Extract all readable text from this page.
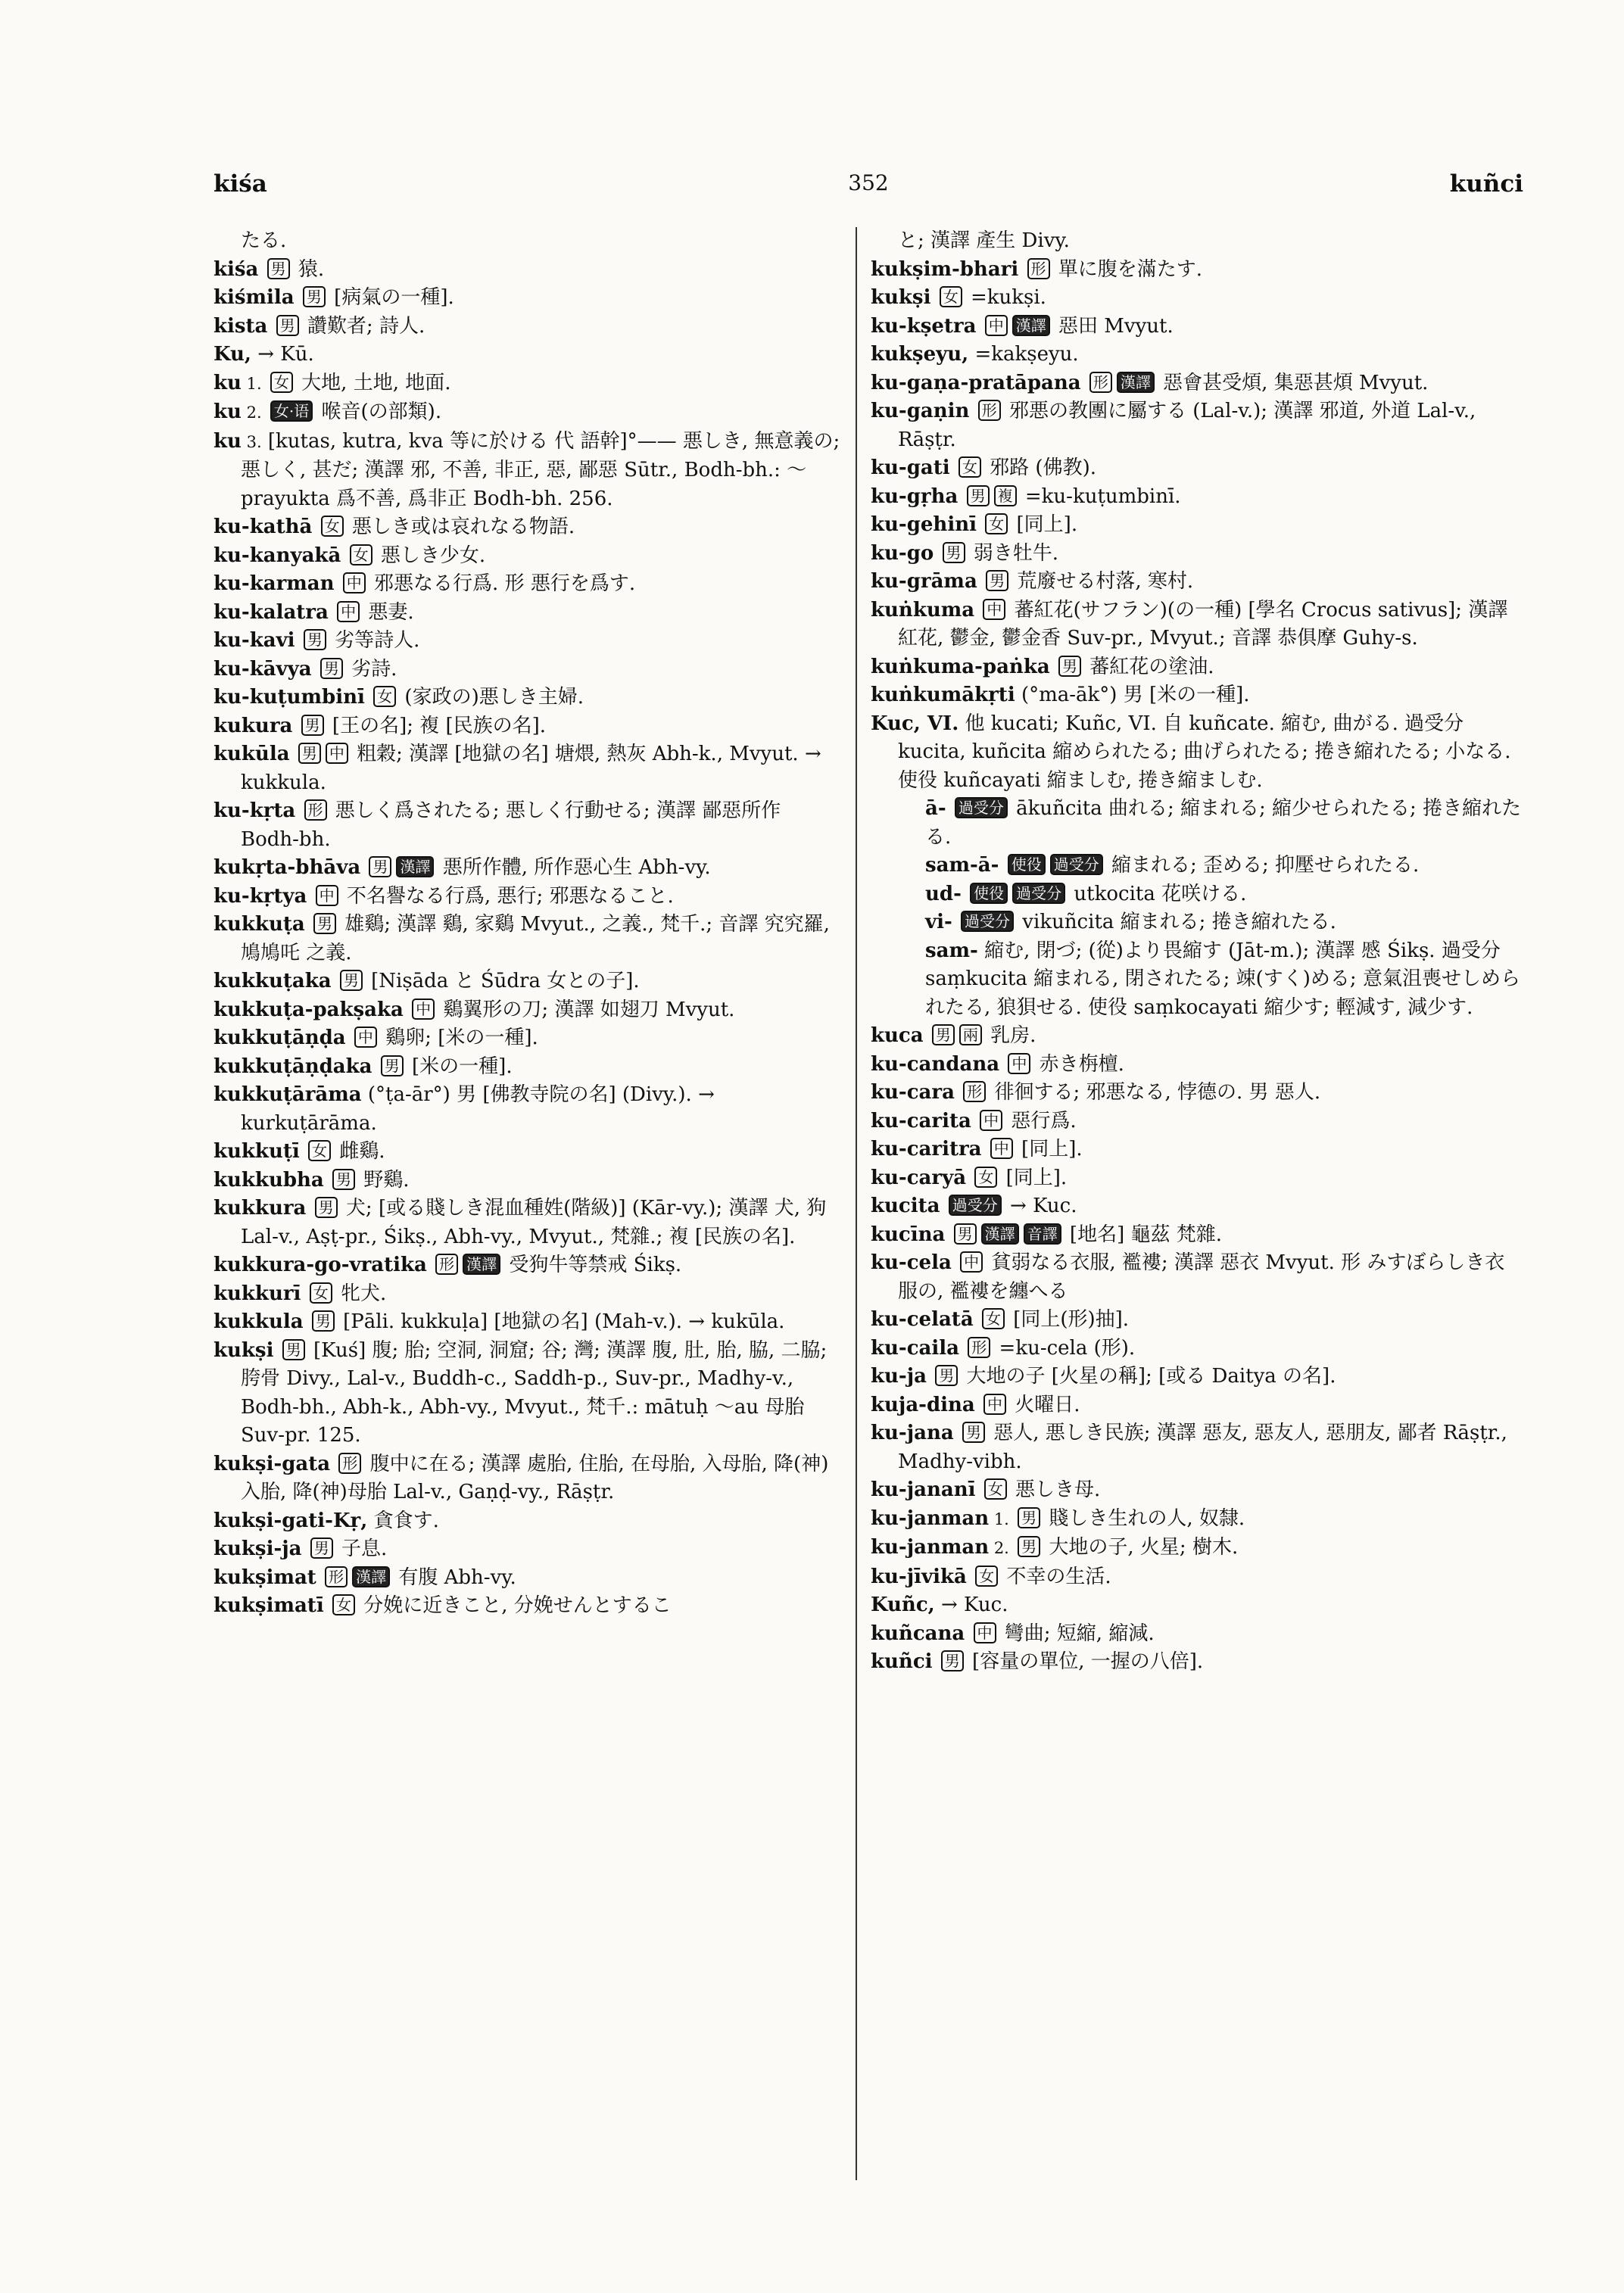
kiśa	352	kuñci
たる.
kiśa 男 猿.
kiśmila 男 [病氣の一種].
kista 男 讚歎者; 詩人.
Ku, → Kū.
ku 1. 女 大地, 土地, 地面.
ku 2. 女·语 喉音(の部類).
ku 3. [kutas, kutra, kva 等に於ける 代 語幹]°—— 悪しき, 無意義の; 悪しく, 甚だ; 漢譯 邪, 不善, 非正, 惡, 鄙惡 Sūtr., Bodh-bh.: 〜prayukta 爲不善, 爲非正 Bodh-bh. 256.
ku-kathā 女 悪しき或は哀れなる物語.
ku-kanyakā 女 悪しき少女.
ku-karman 中 邪悪なる行爲. 形 悪行を爲す.
ku-kalatra 中 悪妻.
ku-kavi 男 劣等詩人.
ku-kāvya 男 劣詩.
ku-kuṭumbinī 女 (家政の)悪しき主婦.
kukura 男 [王の名]; 複 [民族の名].
kukūla 男 中 粗穀; 漢譯 [地獄の名] 塘煨, 熱灰 Abh-k., Mvyut. → kukkula.
ku-kṛta 形 悪しく爲されたる; 悪しく行動せる; 漢譯 鄙惡所作 Bodh-bh.
kukṛta-bhāva 男 漢譯 悪所作體, 所作惡心生 Abh-vy.
ku-kṛtya 中 不名譽なる行爲, 悪行; 邪悪なること.
kukkuṭa 男 雄鷄; 漢譯 鷄, 家鷄 Mvyut., 之義., 梵千.; 音譯 究究羅, 鳩鳩吒 之義.
kukkuṭaka 男 [Niṣāda と Śūdra 女との子].
kukkuṭa-pakṣaka 中 鷄翼形の刀; 漢譯 如翅刀 Mvyut.
kukkuṭāṇḍa 中 鷄卵; [米の一種].
kukkuṭāṇḍaka 男 [米の一種].
kukkuṭārāma (°ṭa-ār°) 男 [佛教寺院の名] (Divy.). → kurkuṭārāma.
kukkuṭī 女 雌鷄.
kukkubha 男 野鷄.
kukkura 男 犬; [或る賤しき混血種姓(階級)] (Kār-vy.); 漢譯 犬, 狗 Lal-v., Aṣṭ-pr., Śikṣ., Abh-vy., Mvyut., 梵雜.; 複 [民族の名].
kukkura-go-vratika 形 漢譯 受狗牛等禁戒 Śikṣ.
kukkurī 女 牝犬.
kukkula 男 [Pāli. kukkuḷa] [地獄の名] (Mah-v.). → kukūla.
kukṣi 男 [Kuś] 腹; 胎; 空洞, 洞窟; 谷; 灣; 漢譯 腹, 肚, 胎, 脇, 二脇; 胯骨 Divy., Lal-v., Buddh-c., Saddh-p., Suv-pr., Madhy-v., Bodh-bh., Abh-k., Abh-vy., Mvyut., 梵千.: mātuḥ 〜au 母胎 Suv-pr. 125.
kukṣi-gata 形 腹中に在る; 漢譯 處胎, 住胎, 在母胎, 入母胎, 降(神)入胎, 降(神)母胎 Lal-v., Gaṇḍ-vy., Rāṣṭr.
kukṣi-gati-Kṛ, 貪食す.
kukṣi-ja 男 子息.
kukṣimat 形 漢譯 有腹 Abh-vy.
kukṣimatī 女 分娩に近きこと, 分娩せんとするこ
と; 漢譯 產生 Divy.
kukṣim-bhari 形 單に腹を滿たす.
kukṣi 女 =kukṣi.
ku-kṣetra 中 漢譯 惡田 Mvyut.
kukṣeyu, =kakṣeyu.
ku-gaṇa-pratāpana 形 漢譯 惡會甚受煩, 集惡甚煩 Mvyut.
ku-gaṇin 形 邪悪の教團に屬する (Lal-v.); 漢譯 邪道, 外道 Lal-v., Rāṣṭr.
ku-gati 女 邪路 (佛教).
ku-gṛha 男 複 =ku-kuṭumbinī.
ku-gehinī 女 [同上].
ku-go 男 弱き牡牛.
ku-grāma 男 荒廢せる村落, 寒村.
kuṅkuma 中 蕃紅花(サフラン)(の一種) [學名 Crocus sativus]; 漢譯 紅花, 鬱金, 鬱金香 Suv-pr., Mvyut.; 音譯 恭俱摩 Guhy-s.
kuṅkuma-paṅka 男 蕃紅花の塗油.
kuṅkumākṛti (°ma-āk°) 男 [米の一種].
Kuc, VI. 他 kucati; Kuñc, VI. 自 kuñcate. 縮む, 曲がる. 過受分 kucita, kuñcita 縮められたる; 曲げられたる; 捲き縮れたる; 小なる. 使役 kuñcayati 縮ましむ, 捲き縮ましむ.
ā- 過受分 ākuñcita 曲れる; 縮まれる; 縮少せられたる; 捲き縮れたる.
sam-ā- 使役 過受分 縮まれる; 歪める; 抑壓せられたる.
ud- 使役 過受分 utkocita 花咲ける.
vi- 過受分 vikuñcita 縮まれる; 捲き縮れたる.
sam- 縮む, 閉づ; (從)より畏縮す (Jāt-m.); 漢譯 慼 Śikṣ. 過受分 saṃkucita 縮まれる, 閉されたる; 竦(すく)める; 意氣沮喪せしめられたる, 狼狽せる. 使役 saṃkocayati 縮少す; 輕減す, 減少す.
kuca 男 兩 乳房.
ku-candana 中 赤き栴檀.
ku-cara 形 徘徊する; 邪悪なる, 悖德の. 男 惡人.
ku-carita 中 惡行爲.
ku-caritra 中 [同上].
ku-caryā 女 [同上].
kucita 過受分 → Kuc.
kucīna 男 漢譯 音譯 [地名] 龜茲 梵雜.
ku-cela 中 貧弱なる衣服, 襤褸; 漢譯 惡衣 Mvyut. 形 みすぼらしき衣服の, 襤褸を纏へる
ku-celatā 女 [同上(形)抽].
ku-caila 形 =ku-cela (形).
ku-ja 男 大地の子 [火星の稱]; [或る Daitya の名].
kuja-dina 中 火曜日.
ku-jana 男 惡人, 悪しき民族; 漢譯 惡友, 惡友人, 惡朋友, 鄙者 Rāṣṭr., Madhy-vibh.
ku-jananī 女 悪しき母.
ku-janman 1. 男 賤しき生れの人, 奴隸.
ku-janman 2. 男 大地の子, 火星; 樹木.
ku-jīvikā 女 不幸の生活.
Kuñc, → Kuc.
kuñcana 中 彎曲; 短縮, 縮減.
kuñci 男 [容量の單位, 一握の八倍].
